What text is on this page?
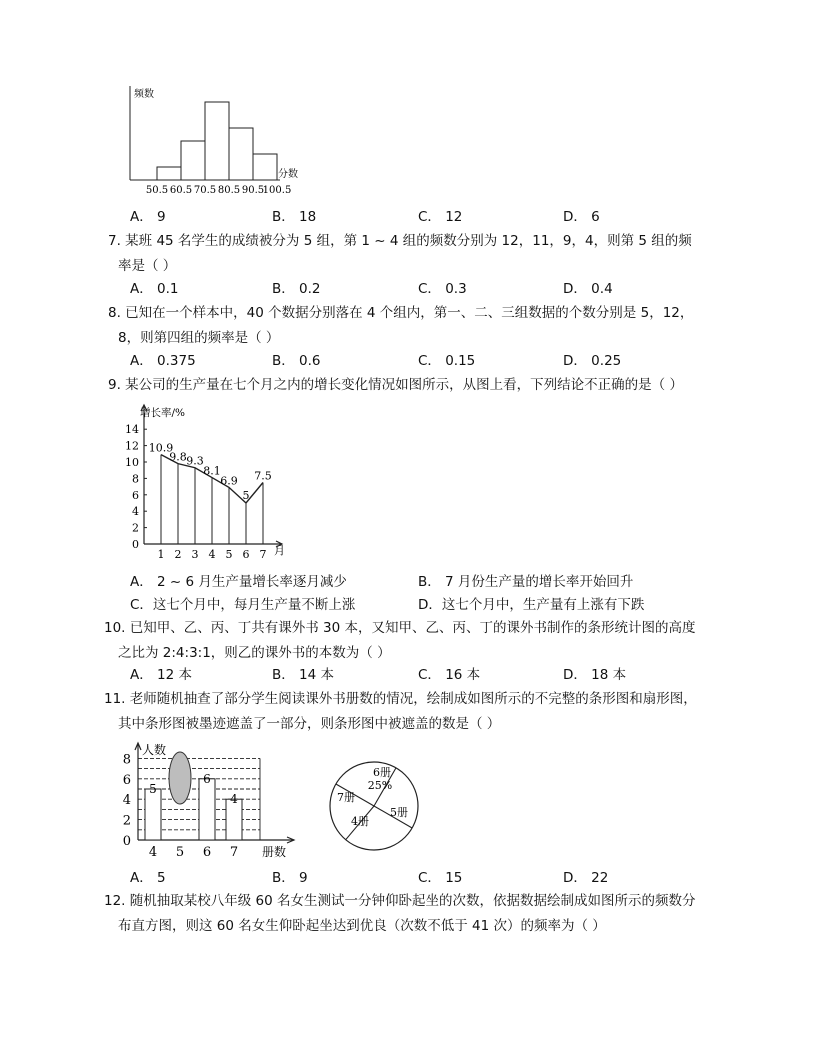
频数
分数
50.5 60.5 70.5 80.5 90.5
100.5
A． 9	B． 18	C． 12	D． 6
7. 某班 45 名学生的成绩被分为 5 组，第 1 ~ 4 组的频数分别为 12，11，9，4，则第 5 组的频
率是（ ）
A． 0.1	B． 0.2	C． 0.3	D． 0.4
8. 已知在一个样本中，40 个数据分别落在 4 个组内，第一、二、三组数据的个数分别是 5，12，
8，则第四组的频率是（ ）
A． 0.375	B． 0.6	C． 0.15	D． 0.25
9. 某公司的生产量在七个月之内的增长变化情况如图所示，从图上看，下列结论不正确的是（ ）
增长率/%
月
0
2
4
6
8
10
12
14
1 2 3 4 5 6 7
10.9
9.8 9.3
8.1
6.9
5
7.5
A． 2 ~ 6 月生产量增长率逐月减少	B． 7 月份生产量的增长率开始回升
C．这七个月中，每月生产量不断上涨	D．这七个月中，生产量有上涨有下跌
10. 已知甲、乙、丙、丁共有课外书 30 本，又知甲、乙、丙、丁的课外书制作的条形统计图的高度
之比为 2:4:3:1，则乙的课外书的本数为（ ）
A． 12 本	B． 14 本	C． 16 本	D． 18 本
11. 老师随机抽查了部分学生阅读课外书册数的情况，绘制成如图所示的不完整的条形图和扇形图，
其中条形图被墨迹遮盖了一部分，则条形图中被遮盖的数是（ ）
人数
册数
0
2
4
6
8
4 5 6 7
5
6
4
6册
25%
7册
4册
5册
A． 5	B． 9	C． 15	D． 22
12. 随机抽取某校八年级 60 名女生测试一分钟仰卧起坐的次数，依据数据绘制成如图所示的频数分
布直方图，则这 60 名女生仰卧起坐达到优良（次数不低于 41 次）的频率为（ ）
